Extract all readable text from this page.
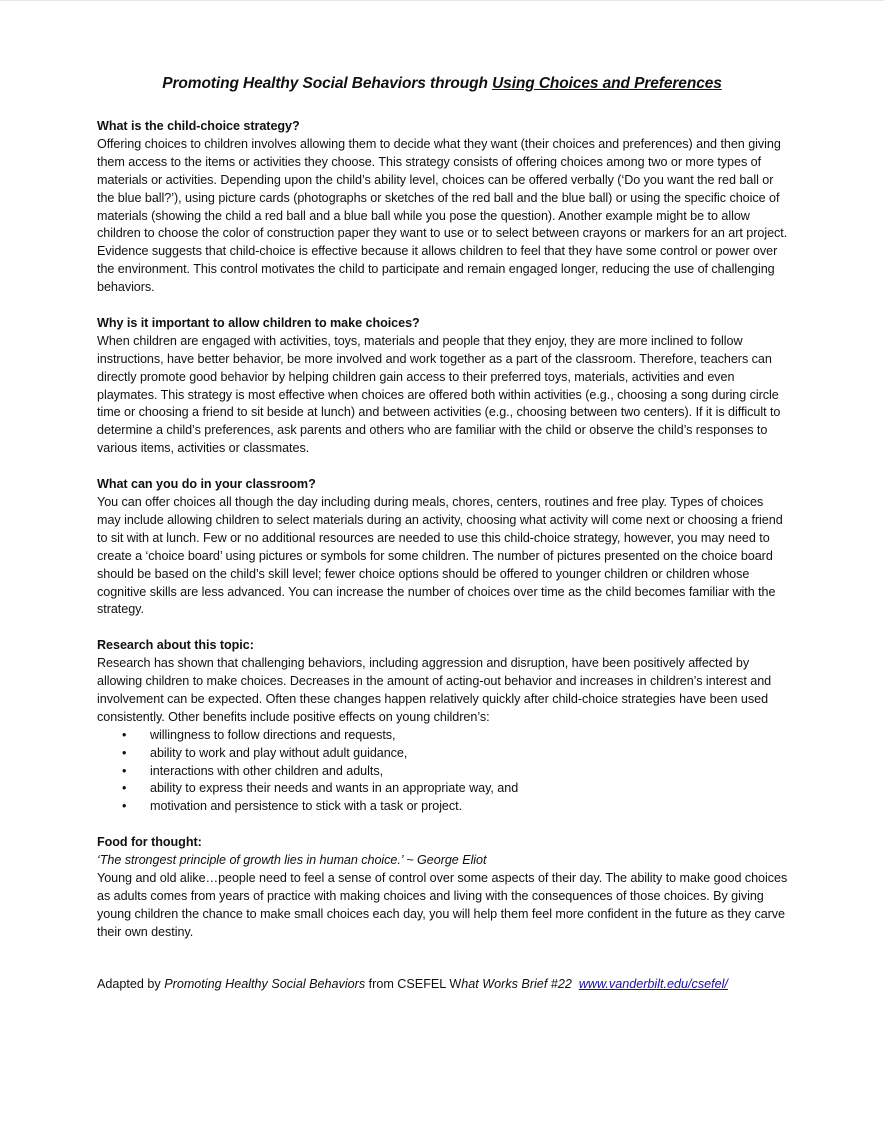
Promoting Healthy Social Behaviors through Using Choices and Preferences

What is the child-choice strategy?

Offering choices to children involves allowing them to decide what they want (their choices and preferences) and then giving them access to the items or activities they choose. This strategy consists of offering choices among two or more types of materials or activities. Depending upon the child’s ability level, choices can be offered verbally (‘Do you want the red ball or the blue ball?’), using picture cards (photographs or sketches of the red ball and the blue ball) or using the specific choice of materials (showing the child a red ball and a blue ball while you pose the question). Another example might be to allow children to choose the color of construction paper they want to use or to select between crayons or markers for an art project. Evidence suggests that child-choice is effective because it allows children to feel that they have some control or power over the environment. This control motivates the child to participate and remain engaged longer, reducing the use of challenging behaviors.

Why is it important to allow children to make choices?

When children are engaged with activities, toys, materials and people that they enjoy, they are more inclined to follow instructions, have better behavior, be more involved and work together as a part of the classroom. Therefore, teachers can directly promote good behavior by helping children gain access to their preferred toys, materials, activities and even playmates. This strategy is most effective when choices are offered both within activities (e.g., choosing a song during circle time or choosing a friend to sit beside at lunch) and between activities (e.g., choosing between two centers). If it is difficult to determine a child’s preferences, ask parents and others who are familiar with the child or observe the child’s responses to various items, activities or classmates.

What can you do in your classroom?

You can offer choices all though the day including during meals, chores, centers, routines and free play. Types of choices may include allowing children to select materials during an activity, choosing what activity will come next or choosing a friend to sit with at lunch. Few or no additional resources are needed to use this child-choice strategy, however, you may need to create a ‘choice board’ using pictures or symbols for some children. The number of pictures presented on the choice board should be based on the child’s skill level; fewer choice options should be offered to younger children or children whose cognitive skills are less advanced. You can increase the number of choices over time as the child becomes familiar with the strategy.

Research about this topic:

Research has shown that challenging behaviors, including aggression and disruption, have been positively affected by allowing children to make choices. Decreases in the amount of acting-out behavior and increases in children’s interest and involvement can be expected. Often these changes happen relatively quickly after child-choice strategies have been used consistently. Other benefits include positive effects on young children’s:

• willingness to follow directions and requests,
• ability to work and play without adult guidance,
• interactions with other children and adults,
• ability to express their needs and wants in an appropriate way, and
• motivation and persistence to stick with a task or project.

Food for thought:

‘The strongest principle of growth lies in human choice.’ ~ George Eliot

Young and old alike…people need to feel a sense of control over some aspects of their day. The ability to make good choices as adults comes from years of practice with making choices and living with the consequences of those choices. By giving young children the chance to make small choices each day, you will help them feel more confident in the future as they carve their own destiny.

Adapted by Promoting Healthy Social Behaviors from CSEFEL What Works Brief #22 www.vanderbilt.edu/csefel/
